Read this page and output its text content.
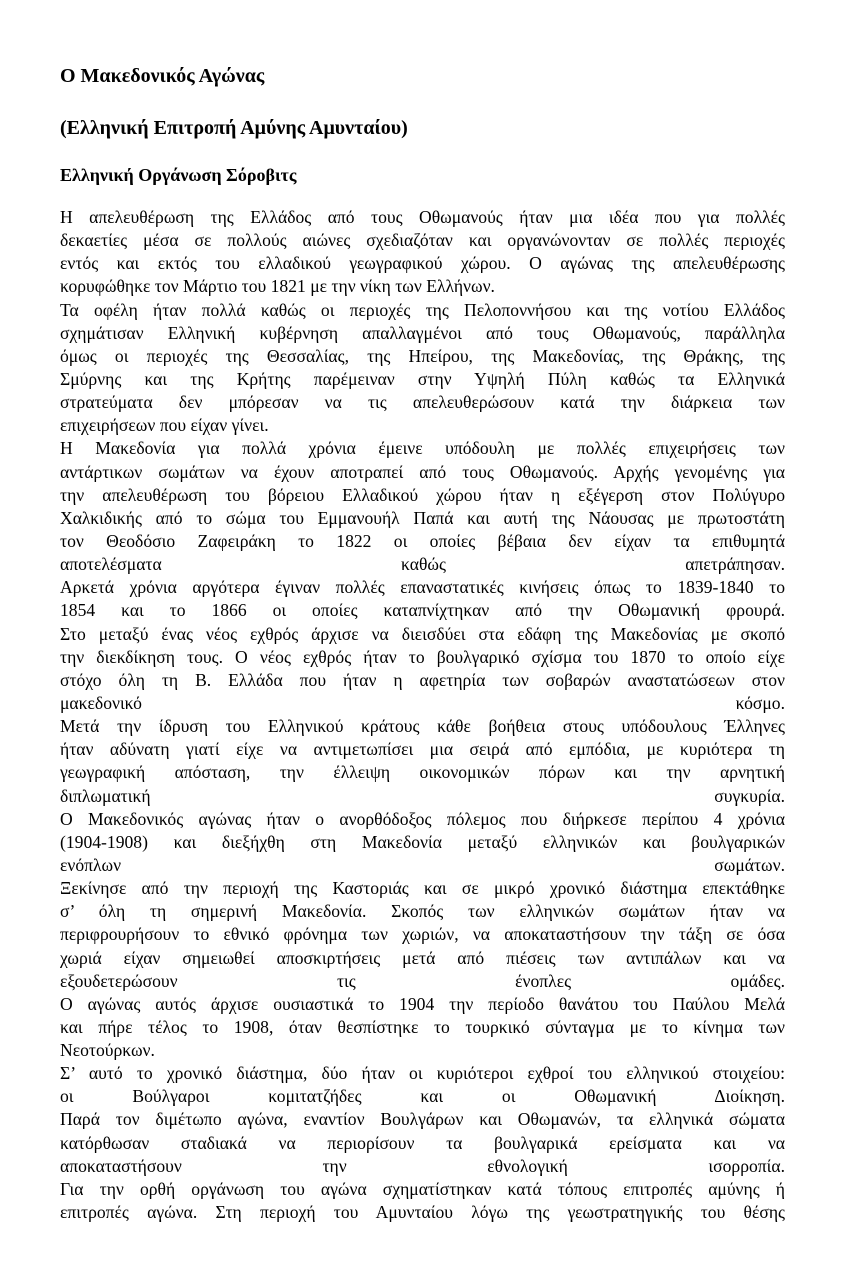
Ο Μακεδονικός Αγώνας
(Ελληνική Επιτροπή Αμύνης Αμυνταίου)
Ελληνική Οργάνωση Σόροβιτς
Η απελευθέρωση της Ελλάδος από τους Οθωμανούς ήταν μια ιδέα που για πολλές
δεκαετίες μέσα σε πολλούς αιώνες σχεδιαζόταν και οργανώνονταν σε πολλές περιοχές
εντός και εκτός του ελλαδικού γεωγραφικού χώρου. Ο αγώνας της απελευθέρωσης
κορυφώθηκε τον Μάρτιο του 1821 με την νίκη των Ελλήνων.
Τα οφέλη ήταν πολλά καθώς οι περιοχές της Πελοποννήσου και της νοτίου Ελλάδος
σχημάτισαν Ελληνική κυβέρνηση απαλλαγμένοι από τους Οθωμανούς, παράλληλα
όμως οι περιοχές της Θεσσαλίας, της Ηπείρου, της Μακεδονίας, της Θράκης, της
Σμύρνης και της Κρήτης παρέμειναν στην Υψηλή Πύλη καθώς τα Ελληνικά
στρατεύματα δεν μπόρεσαν να τις απελευθερώσουν κατά την διάρκεια των
επιχειρήσεων που είχαν γίνει.
Η Μακεδονία για πολλά χρόνια έμεινε υπόδουλη με πολλές επιχειρήσεις των
αντάρτικων σωμάτων να έχουν αποτραπεί από τους Οθωμανούς. Αρχής γενομένης για
την απελευθέρωση του βόρειου Ελλαδικού χώρου ήταν η εξέγερση στον Πολύγυρο
Χαλκιδικής από το σώμα του Εμμανουήλ Παπά και αυτή της Νάουσας με πρωτοστάτη
τον Θεοδόσιο Ζαφειράκη το 1822 οι οποίες βέβαια δεν είχαν τα επιθυμητά
αποτελέσματα καθώς απετράπησαν.
Αρκετά χρόνια αργότερα έγιναν πολλές επαναστατικές κινήσεις όπως το 1839-1840 το
1854 και το 1866 οι οποίες καταπνίχτηκαν από την Οθωμανική φρουρά.
Στο μεταξύ ένας νέος εχθρός άρχισε να διεισδύει στα εδάφη της Μακεδονίας με σκοπό
την διεκδίκηση τους. Ο νέος εχθρός ήταν το βουλγαρικό σχίσμα του 1870 το οποίο είχε
στόχο όλη τη Β. Ελλάδα που ήταν η αφετηρία των σοβαρών αναστατώσεων στον
μακεδονικό κόσμο.
Μετά την ίδρυση του Ελληνικού κράτους κάθε βοήθεια στους υπόδουλους Έλληνες
ήταν αδύνατη γιατί είχε να αντιμετωπίσει μια σειρά από εμπόδια, με κυριότερα τη
γεωγραφική απόσταση, την έλλειψη οικονομικών πόρων και την αρνητική
διπλωματική συγκυρία.
Ο Μακεδονικός αγώνας ήταν ο ανορθόδοξος πόλεμος που διήρκεσε περίπου 4 χρόνια
(1904-1908) και διεξήχθη στη Μακεδονία μεταξύ ελληνικών και βουλγαρικών
ενόπλων σωμάτων.
Ξεκίνησε από την περιοχή της Καστοριάς και σε μικρό χρονικό διάστημα επεκτάθηκε
σ’ όλη τη σημερινή Μακεδονία. Σκοπός των ελληνικών σωμάτων ήταν να
περιφρουρήσουν το εθνικό φρόνημα των χωριών, να αποκαταστήσουν την τάξη σε όσα
χωριά είχαν σημειωθεί αποσκιρτήσεις μετά από πιέσεις των αντιπάλων και να
εξουδετερώσουν τις ένοπλες ομάδες.
Ο αγώνας αυτός άρχισε ουσιαστικά το 1904 την περίοδο θανάτου του Παύλου Μελά
και πήρε τέλος το 1908, όταν θεσπίστηκε το τουρκικό σύνταγμα με το κίνημα των
Νεοτούρκων.
Σ’ αυτό το χρονικό διάστημα, δύο ήταν οι κυριότεροι εχθροί του ελληνικού στοιχείου:
οι Βούλγαροι κομιτατζήδες και οι Οθωμανική Διοίκηση.
Παρά τον διμέτωπο αγώνα, εναντίον Βουλγάρων και Οθωμανών, τα ελληνικά σώματα
κατόρθωσαν σταδιακά να περιορίσουν τα βουλγαρικά ερείσματα και να
αποκαταστήσουν την εθνολογική ισορροπία.
Για την ορθή οργάνωση του αγώνα σχηματίστηκαν κατά τόπους επιτροπές αμύνης ή
επιτροπές αγώνα. Στη περιοχή του Αμυνταίου λόγω της γεωστρατηγικής του θέσης
